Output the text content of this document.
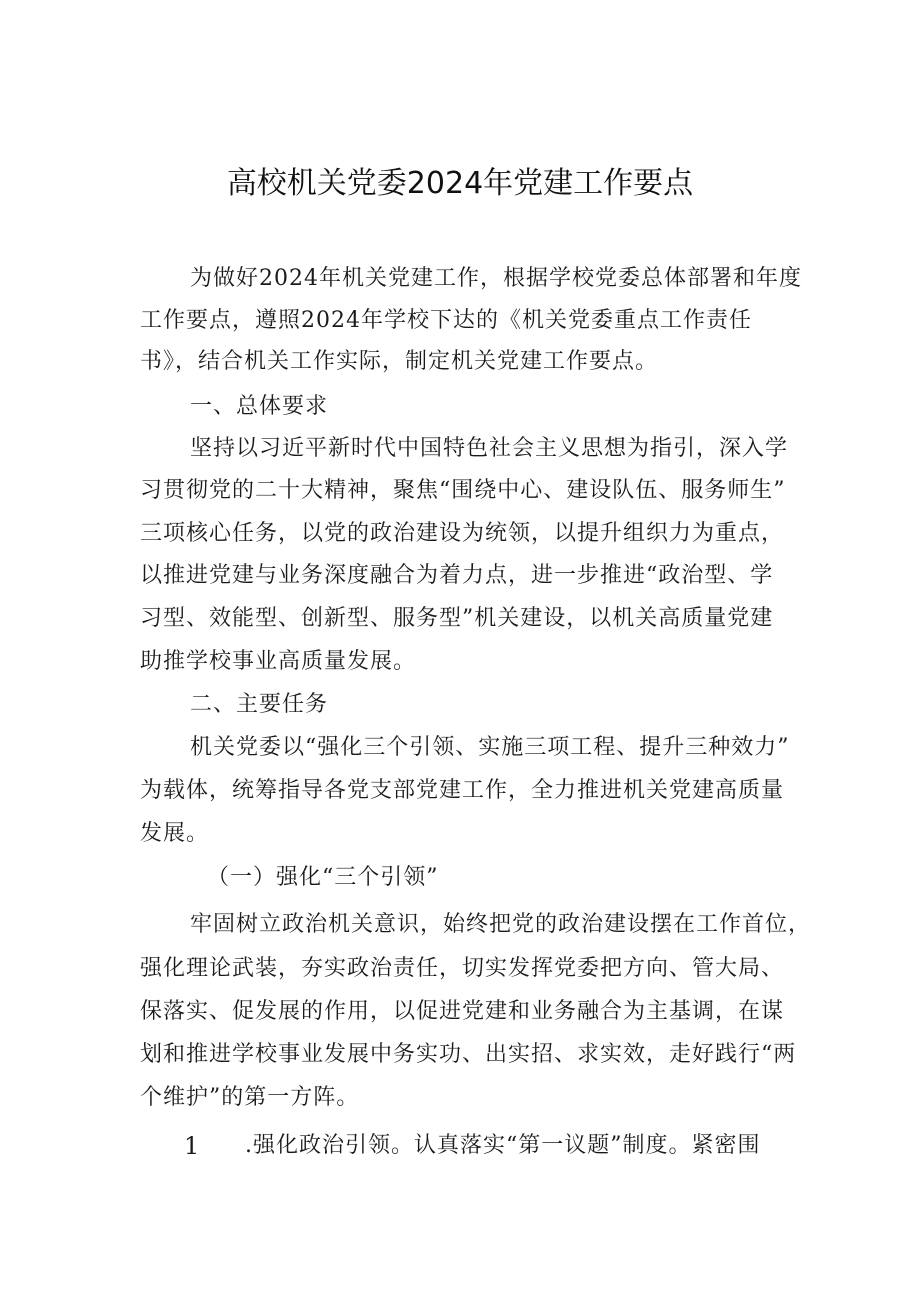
高校机关党委2024年党建工作要点
为做好2024年机关党建工作，根据学校党委总体部署和年度
工作要点，遵照2024年学校下达的《机关党委重点工作责任
书》，结合机关工作实际，制定机关党建工作要点。
一、总体要求
坚持以习近平新时代中国特色社会主义思想为指引，深入学
习贯彻党的二十大精神，聚焦“围绕中心、建设队伍、服务师生”
三项核心任务，以党的政治建设为统领，以提升组织力为重点，
以推进党建与业务深度融合为着力点，进一步推进“政治型、学
习型、效能型、创新型、服务型”机关建设，以机关高质量党建
助推学校事业高质量发展。
二、主要任务
机关党委以“强化三个引领、实施三项工程、提升三种效力”
为载体，统筹指导各党支部党建工作，全力推进机关党建高质量
发展。
（一）强化“三个引领”
牢固树立政治机关意识，始终把党的政治建设摆在工作首位，
强化理论武装，夯实政治责任，切实发挥党委把方向、管大局、
保落实、促发展的作用，以促进党建和业务融合为主基调，在谋
划和推进学校事业发展中务实功、出实招、求实效，走好践行“两
个维护”的第一方阵。
1 .强化政治引领。认真落实“第一议题”制度。紧密围
